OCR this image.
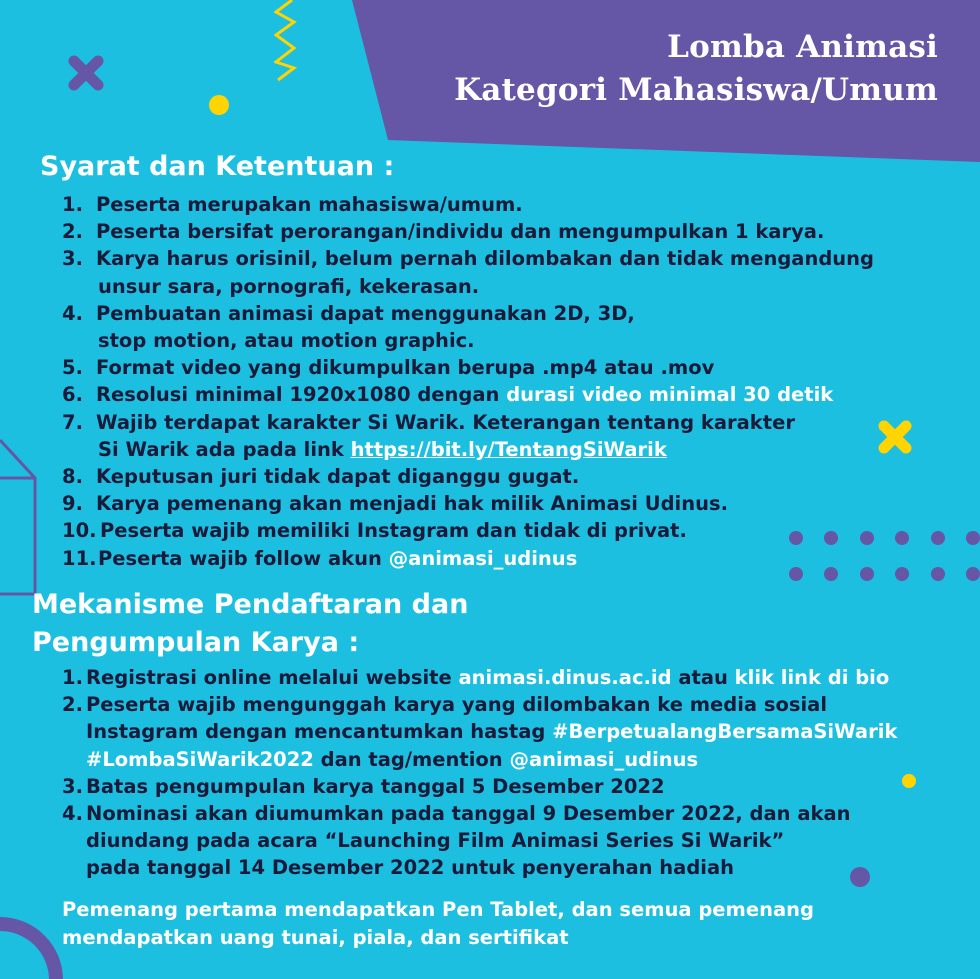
Lomba Animasi
Kategori Mahasiswa/Umum
Syarat dan Ketentuan :
1. Peserta merupakan mahasiswa/umum.
2. Peserta bersifat perorangan/individu dan mengumpulkan 1 karya.
3. Karya harus orisinil, belum pernah dilombakan dan tidak mengandung
unsur sara, pornografi, kekerasan.
4. Pembuatan animasi dapat menggunakan 2D, 3D,
stop motion, atau motion graphic.
5. Format video yang dikumpulkan berupa .mp4 atau .mov
6. Resolusi minimal 1920x1080 dengan durasi video minimal 30 detik
7. Wajib terdapat karakter Si Warik. Keterangan tentang karakter
Si Warik ada pada link https://bit.ly/TentangSiWarik
8. Keputusan juri tidak dapat diganggu gugat.
9. Karya pemenang akan menjadi hak milik Animasi Udinus.
10. Peserta wajib memiliki Instagram dan tidak di privat.
11.Peserta wajib follow akun @animasi_udinus
Mekanisme Pendaftaran dan
Pengumpulan Karya :
1. Registrasi online melalui website animasi.dinus.ac.id atau klik link di bio
2. Peserta wajib mengunggah karya yang dilombakan ke media sosial
Instagram dengan mencantumkan hastag #BerpetualangBersamaSiWarik
#LombaSiWarik2022 dan tag/mention @animasi_udinus
3. Batas pengumpulan karya tanggal 5 Desember 2022
4. Nominasi akan diumumkan pada tanggal 9 Desember 2022, dan akan
diundang pada acara “Launching Film Animasi Series Si Warik”
pada tanggal 14 Desember 2022 untuk penyerahan hadiah

Pemenang pertama mendapatkan Pen Tablet, dan semua pemenang
mendapatkan uang tunai, piala, dan sertifikat
